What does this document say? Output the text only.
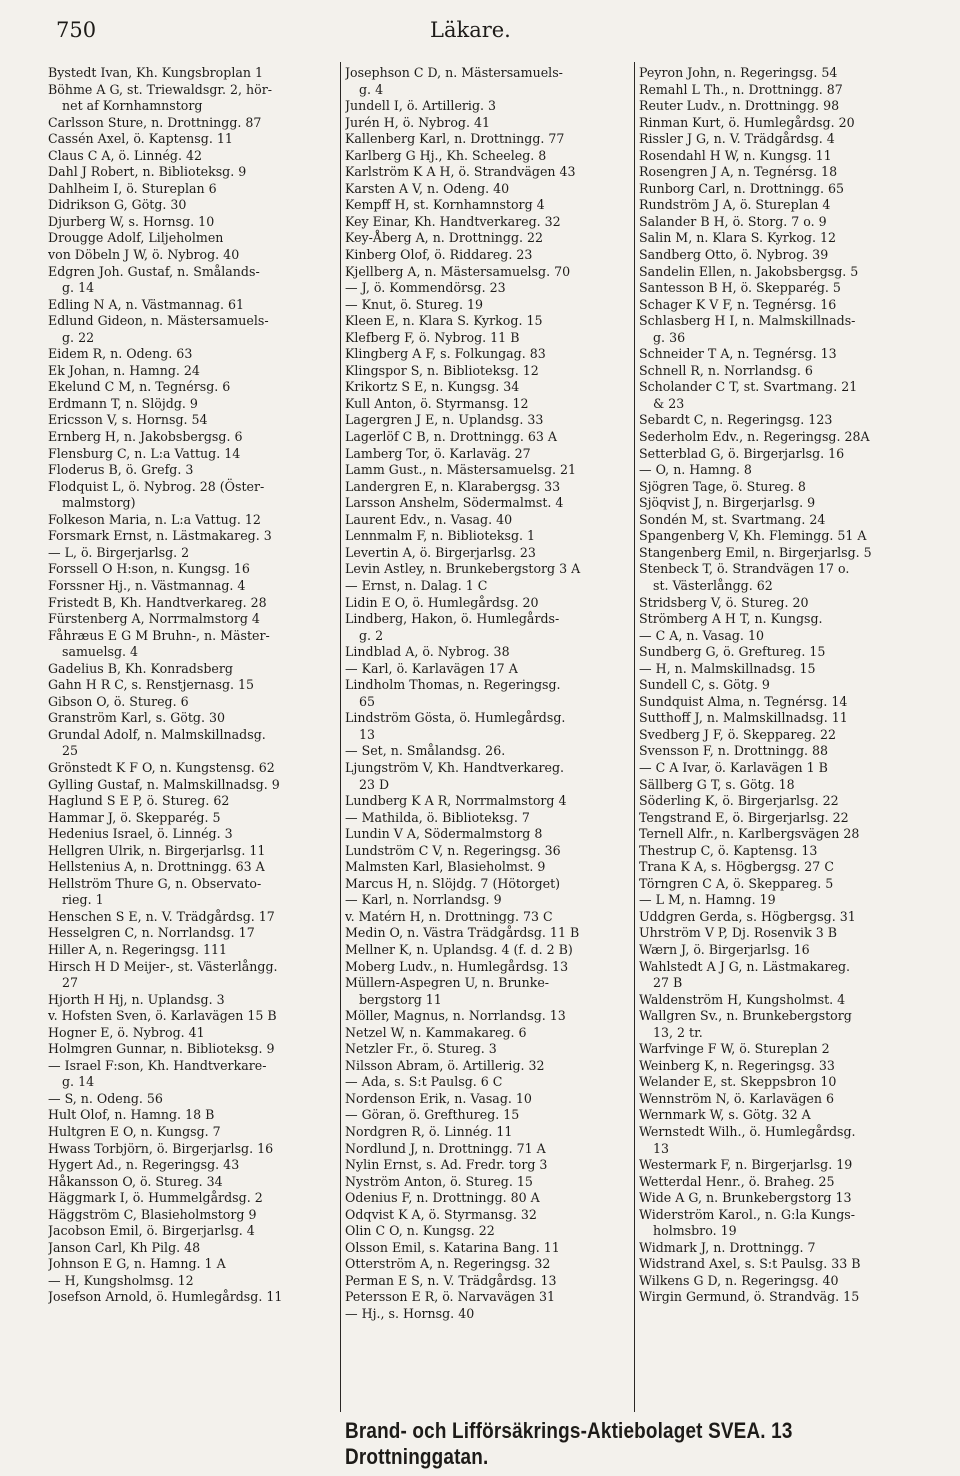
750	Läkare.
Bystedt Ivan, Kh. Kungsbroplan 1
Böhme A G, st. Triewaldsgr. 2, hör-
net af Kornhamnstorg
Carlsson Sture, n. Drottningg. 87
Cassén Axel, ö. Kaptensg. 11
Claus C A, ö. Linnég. 42
Dahl J Robert, n. Biblioteksg. 9
Dahlheim I, ö. Stureplan 6
Didrikson G, Götg. 30
Djurberg W, s. Hornsg. 10
Drougge Adolf, Liljeholmen
von Döbeln J W, ö. Nybrog. 40
Edgren Joh. Gustaf, n. Smålands-
g. 14
Edling N A, n. Västmannag. 61
Edlund Gideon, n. Mästersamuels-
g. 22
Eidem R, n. Odeng. 63
Ek Johan, n. Hamng. 24
Ekelund C M, n. Tegnérsg. 6
Erdmann T, n. Slöjdg. 9
Ericsson V, s. Hornsg. 54
Ernberg H, n. Jakobsbergsg. 6
Flensburg C, n. L:a Vattug. 14
Floderus B, ö. Grefg. 3
Flodquist L, ö. Nybrog. 28 (Öster-
malmstorg)
Folkeson Maria, n. L:a Vattug. 12
Forsmark Ernst, n. Lästmakareg. 3
— L, ö. Birgerjarlsg. 2
Forssell O H:son, n. Kungsg. 16
Forssner Hj., n. Västmannag. 4
Fristedt B, Kh. Handtverkareg. 28
Fürstenberg A, Norrmalmstorg 4
Fåhræus E G M Bruhn-, n. Mäster-
samuelsg. 4
Gadelius B, Kh. Konradsberg
Gahn H R C, s. Renstjernasg. 15
Gibson O, ö. Stureg. 6
Granström Karl, s. Götg. 30
Grundal Adolf, n. Malmskillnadsg.
25
Grönstedt K F O, n. Kungstensg. 62
Gylling Gustaf, n. Malmskillnadsg. 9
Haglund S E P, ö. Stureg. 62
Hammar J, ö. Skepparég. 5
Hedenius Israel, ö. Linnég. 3
Hellgren Ulrik, n. Birgerjarlsg. 11
Hellstenius A, n. Drottningg. 63 A
Hellström Thure G, n. Observato-
rieg. 1
Henschen S E, n. V. Trädgårdsg. 17
Hesselgren C, n. Norrlandsg. 17
Hiller A, n. Regeringsg. 111
Hirsch H D Meijer-, st. Västerlångg.
27
Hjorth H Hj, n. Uplandsg. 3
v. Hofsten Sven, ö. Karlavägen 15 B
Hogner E, ö. Nybrog. 41
Holmgren Gunnar, n. Biblioteksg. 9
— Israel F:son, Kh. Handtverkare-
g. 14
— S, n. Odeng. 56
Hult Olof, n. Hamng. 18 B
Hultgren E O, n. Kungsg. 7
Hwass Torbjörn, ö. Birgerjarlsg. 16
Hygert Ad., n. Regeringsg. 43
Håkansson O, ö. Stureg. 34
Häggmark I, ö. Hummelgårdsg. 2
Häggström C, Blasieholmstorg 9
Jacobson Emil, ö. Birgerjarlsg. 4
Janson Carl, Kh Pilg. 48
Johnson E G, n. Hamng. 1 A
— H, Kungsholmsg. 12
Josefson Arnold, ö. Humlegårdsg. 11
Josephson C D, n. Mästersamuels-
g. 4
Jundell I, ö. Artillerig. 3
Jurén H, ö. Nybrog. 41
Kallenberg Karl, n. Drottningg. 77
Karlberg G Hj., Kh. Scheeleg. 8
Karlström K A H, ö. Strandvägen 43
Karsten A V, n. Odeng. 40
Kempff H, st. Kornhamnstorg 4
Key Einar, Kh. Handtverkareg. 32
Key-Åberg A, n. Drottningg. 22
Kinberg Olof, ö. Riddareg. 23
Kjellberg A, n. Mästersamuelsg. 70
— J, ö. Kommendörsg. 23
— Knut, ö. Stureg. 19
Kleen E, n. Klara S. Kyrkog. 15
Klefberg F, ö. Nybrog. 11 B
Klingberg A F, s. Folkungag. 83
Klingspor S, n. Biblioteksg. 12
Krikortz S E, n. Kungsg. 34
Kull Anton, ö. Styrmansg. 12
Lagergren J E, n. Uplandsg. 33
Lagerlöf C B, n. Drottningg. 63 A
Lamberg Tor, ö. Karlaväg. 27
Lamm Gust., n. Mästersamuelsg. 21
Landergren E, n. Klarabergsg. 33
Larsson Anshelm, Södermalmst. 4
Laurent Edv., n. Vasag. 40
Lennmalm F, n. Biblioteksg. 1
Levertin A, ö. Birgerjarlsg. 23
Levin Astley, n. Brunkebergstorg 3 A
— Ernst, n. Dalag. 1 C
Lidin E O, ö. Humlegårdsg. 20
Lindberg, Hakon, ö. Humlegårds-
g. 2
Lindblad A, ö. Nybrog. 38
— Karl, ö. Karlavägen 17 A
Lindholm Thomas, n. Regeringsg.
65
Lindström Gösta, ö. Humlegårdsg.
13
— Set, n. Smålandsg. 26.
Ljungström V, Kh. Handtverkareg.
23 D
Lundberg K A R, Norrmalmstorg 4
— Mathilda, ö. Biblioteksg. 7
Lundin V A, Södermalmstorg 8
Lundström C V, n. Regeringsg. 36
Malmsten Karl, Blasieholmst. 9
Marcus H, n. Slöjdg. 7 (Hötorget)
— Karl, n. Norrlandsg. 9
v. Matérn H, n. Drottningg. 73 C
Medin O, n. Västra Trädgårdsg. 11 B
Mellner K, n. Uplandsg. 4 (f. d. 2 B)
Moberg Ludv., n. Humlegårdsg. 13
Müllern-Aspegren U, n. Brunke-
bergstorg 11
Möller, Magnus, n. Norrlandsg. 13
Netzel W, n. Kammakareg. 6
Netzler Fr., ö. Stureg. 3
Nilsson Abram, ö. Artillerig. 32
— Ada, s. S:t Paulsg. 6 C
Nordenson Erik, n. Vasag. 10
— Göran, ö. Grefthureg. 15
Nordgren R, ö. Linnég. 11
Nordlund J, n. Drottningg. 71 A
Nylin Ernst, s. Ad. Fredr. torg 3
Nyström Anton, ö. Stureg. 15
Odenius F, n. Drottningg. 80 A
Odqvist K A, ö. Styrmansg. 32
Olin C O, n. Kungsg. 22
Olsson Emil, s. Katarina Bang. 11
Otterström A, n. Regeringsg. 32
Perman E S, n. V. Trädgårdsg. 13
Petersson E R, ö. Narvavägen 31
— Hj., s. Hornsg. 40
Peyron John, n. Regeringsg. 54
Remahl L Th., n. Drottningg. 87
Reuter Ludv., n. Drottningg. 98
Rinman Kurt, ö. Humlegårdsg. 20
Rissler J G, n. V. Trädgårdsg. 4
Rosendahl H W, n. Kungsg. 11
Rosengren J A, n. Tegnérsg. 18
Runborg Carl, n. Drottningg. 65
Rundström J A, ö. Stureplan 4
Salander B H, ö. Storg. 7 o. 9
Salin M, n. Klara S. Kyrkog. 12
Sandberg Otto, ö. Nybrog. 39
Sandelin Ellen, n. Jakobsbergsg. 5
Santesson B H, ö. Skepparég. 5
Schager K V F, n. Tegnérsg. 16
Schlasberg H I, n. Malmskillnads-
g. 36
Schneider T A, n. Tegnérsg. 13
Schnell R, n. Norrlandsg. 6
Scholander C T, st. Svartmang. 21
& 23
Sebardt C, n. Regeringsg. 123
Sederholm Edv., n. Regeringsg. 28A
Setterblad G, ö. Birgerjarlsg. 16
— O, n. Hamng. 8
Sjögren Tage, ö. Stureg. 8
Sjöqvist J, n. Birgerjarlsg. 9
Sondén M, st. Svartmang. 24
Spangenberg V, Kh. Flemingg. 51 A
Stangenberg Emil, n. Birgerjarlsg. 5
Stenbeck T, ö. Strandvägen 17 o.
st. Västerlångg. 62
Stridsberg V, ö. Stureg. 20
Strömberg A H T, n. Kungsg.
— C A, n. Vasag. 10
Sundberg G, ö. Greftureg. 15
— H, n. Malmskillnadsg. 15
Sundell C, s. Götg. 9
Sundquist Alma, n. Tegnérsg. 14
Sutthoff J, n. Malmskillnadsg. 11
Svedberg J F, ö. Skeppareg. 22
Svensson F, n. Drottningg. 88
— C A Ivar, ö. Karlavägen 1 B
Sällberg G T, s. Götg. 18
Söderling K, ö. Birgerjarlsg. 22
Tengstrand E, ö. Birgerjarlsg. 22
Ternell Alfr., n. Karlbergsvägen 28
Thestrup C, ö. Kaptensg. 13
Trana K A, s. Högbergsg. 27 C
Törngren C A, ö. Skeppareg. 5
— L M, n. Hamng. 19
Uddgren Gerda, s. Högbergsg. 31
Uhrström V P, Dj. Rosenvik 3 B
Wærn J, ö. Birgerjarlsg. 16
Wahlstedt A J G, n. Lästmakareg.
27 B
Waldenström H, Kungsholmst. 4
Wallgren Sv., n. Brunkebergstorg
13, 2 tr.
Warfvinge F W, ö. Stureplan 2
Weinberg K, n. Regeringsg. 33
Welander E, st. Skeppsbron 10
Wennström N, ö. Karlavägen 6
Wernmark W, s. Götg. 32 A
Wernstedt Wilh., ö. Humlegårdsg.
13
Westermark F, n. Birgerjarlsg. 19
Wetterdal Henr., ö. Braheg. 25
Wide A G, n. Brunkebergstorg 13
Widerström Karol., n. G:la Kungs-
holmsbro. 19
Widmark J, n. Drottningg. 7
Widstrand Axel, s. S:t Paulsg. 33 B
Wilkens G D, n. Regeringsg. 40
Wirgin Germund, ö. Strandväg. 15
Brand- och Lifförsäkrings-Aktiebolaget SVEA. 13 Drottninggatan.
